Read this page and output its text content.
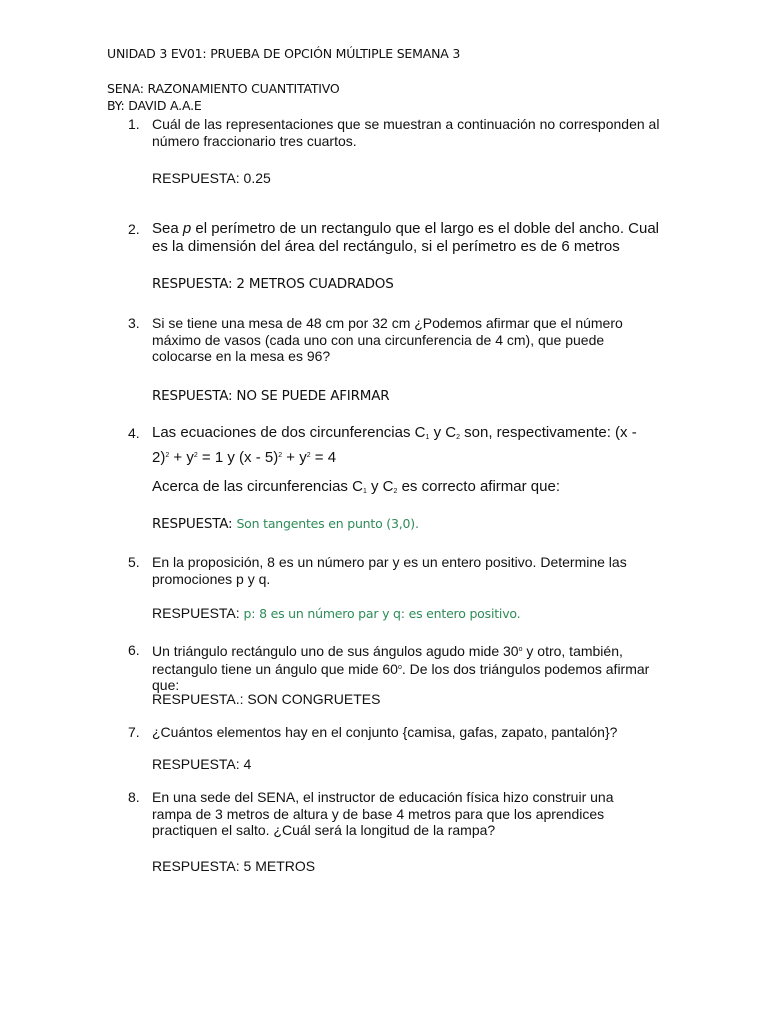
UNIDAD 3 EV01: PRUEBA DE OPCIÓN MÚLTIPLE SEMANA 3
SENA: RAZONAMIENTO CUANTITATIVO
BY: DAVID A.A.E
1. Cuál de las representaciones que se muestran a continuación no corresponden al número fraccionario tres cuartos.
RESPUESTA: 0.25
2. Sea p el perímetro de un rectangulo que el largo es el doble del ancho. Cual es la dimensión del área del rectángulo, si el perímetro es de 6 metros
RESPUESTA: 2 METROS CUADRADOS
3. Si se tiene una mesa de 48 cm por 32 cm ¿Podemos afirmar que el número máximo de vasos (cada uno con una circunferencia de 4 cm), que puede colocarse en la mesa es 96?
RESPUESTA: NO SE PUEDE AFIRMAR
4. Las ecuaciones de dos circunferencias $C_1$ y $C_2$ son, respectivamente: $(x - 2)^2 + y^2 = 1$ y $(x - 5)^2 + y^2 = 4$
Acerca de las circunferencias $C_1$ y $C_2$ es correcto afirmar que:
RESPUESTA: Son tangentes en punto (3,0).
5. En la proposición, 8 es un número par y es un entero positivo. Determine las promociones p y q.
RESPUESTA: p: 8 es un número par y q: es entero positivo.
6. Un triángulo rectángulo uno de sus ángulos agudo mide 30$^o$ y otro, también, rectangulo tiene un ángulo que mide 60$^o$. De los dos triángulos podemos afirmar que:
RESPUESTA.: SON CONGRUETES
7. ¿Cuántos elementos hay en el conjunto {camisa, gafas, zapato, pantalón}?
RESPUESTA: 4
8. En una sede del SENA, el instructor de educación física hizo construir una rampa de 3 metros de altura y de base 4 metros para que los aprendices practiquen el salto. ¿Cuál será la longitud de la rampa?
RESPUESTA: 5 METROS
